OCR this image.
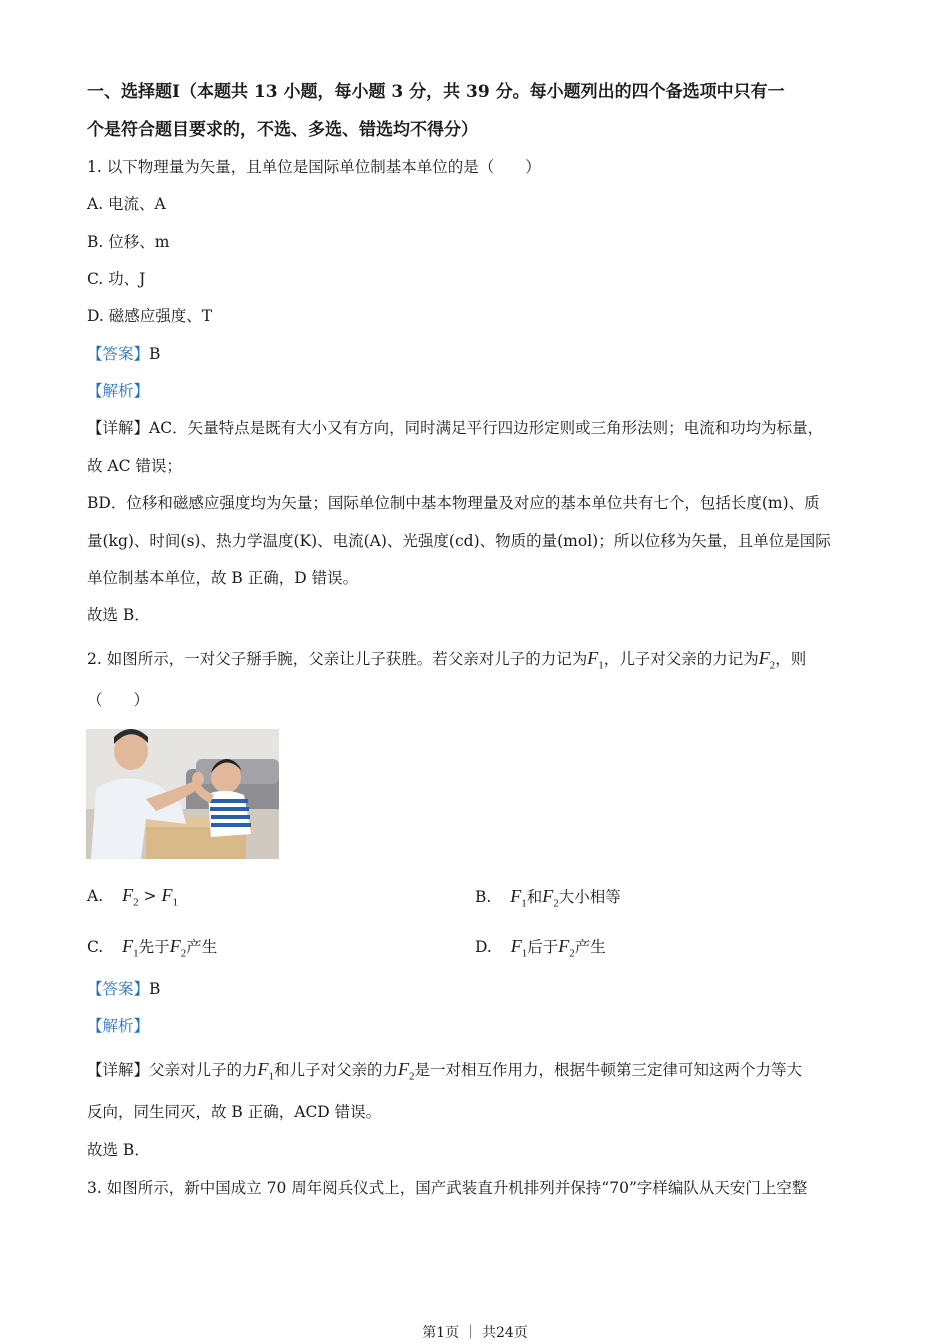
一、选择题Ⅰ（本题共 13 小题，每小题 3 分，共 39 分。每小题列出的四个备选项中只有一
个是符合题目要求的，不选、多选、错选均不得分）
1. 以下物理量为矢量，且单位是国际单位制基本单位的是（　　）
A. 电流、A
B. 位移、m
C. 功、J
D. 磁感应强度、T
【答案】B
【解析】
【详解】AC．矢量特点是既有大小又有方向，同时满足平行四边形定则或三角形法则；电流和功均为标量，
故 AC 错误；
BD．位移和磁感应强度均为矢量；国际单位制中基本物理量及对应的基本单位共有七个，包括长度(m)、质
量(kg)、时间(s)、热力学温度(K)、电流(A)、光强度(cd)、物质的量(mol)；所以位移为矢量，且单位是国际
单位制基本单位，故 B 正确，D 错误。
故选 B．
2. 如图所示，一对父子掰手腕，父亲让儿子获胜。若父亲对儿子的力记为$F_1$，儿子对父亲的力记为$F_2$，则
（　　）
A. $F_2 > F_1$	B. $F_1$和$F_2$大小相等
C. $F_1$先于$F_2$产生	D. $F_1$后于$F_2$产生
【答案】B
【解析】
【详解】父亲对儿子的力$F_1$和儿子对父亲的力$F_2$是一对相互作用力，根据牛顿第三定律可知这两个力等大
反向，同生同灭，故 B 正确，ACD 错误。
故选 B．
3. 如图所示，新中国成立 70 周年阅兵仪式上，国产武装直升机排列并保持“70”字样编队从天安门上空整
第1页 ｜ 共24页
